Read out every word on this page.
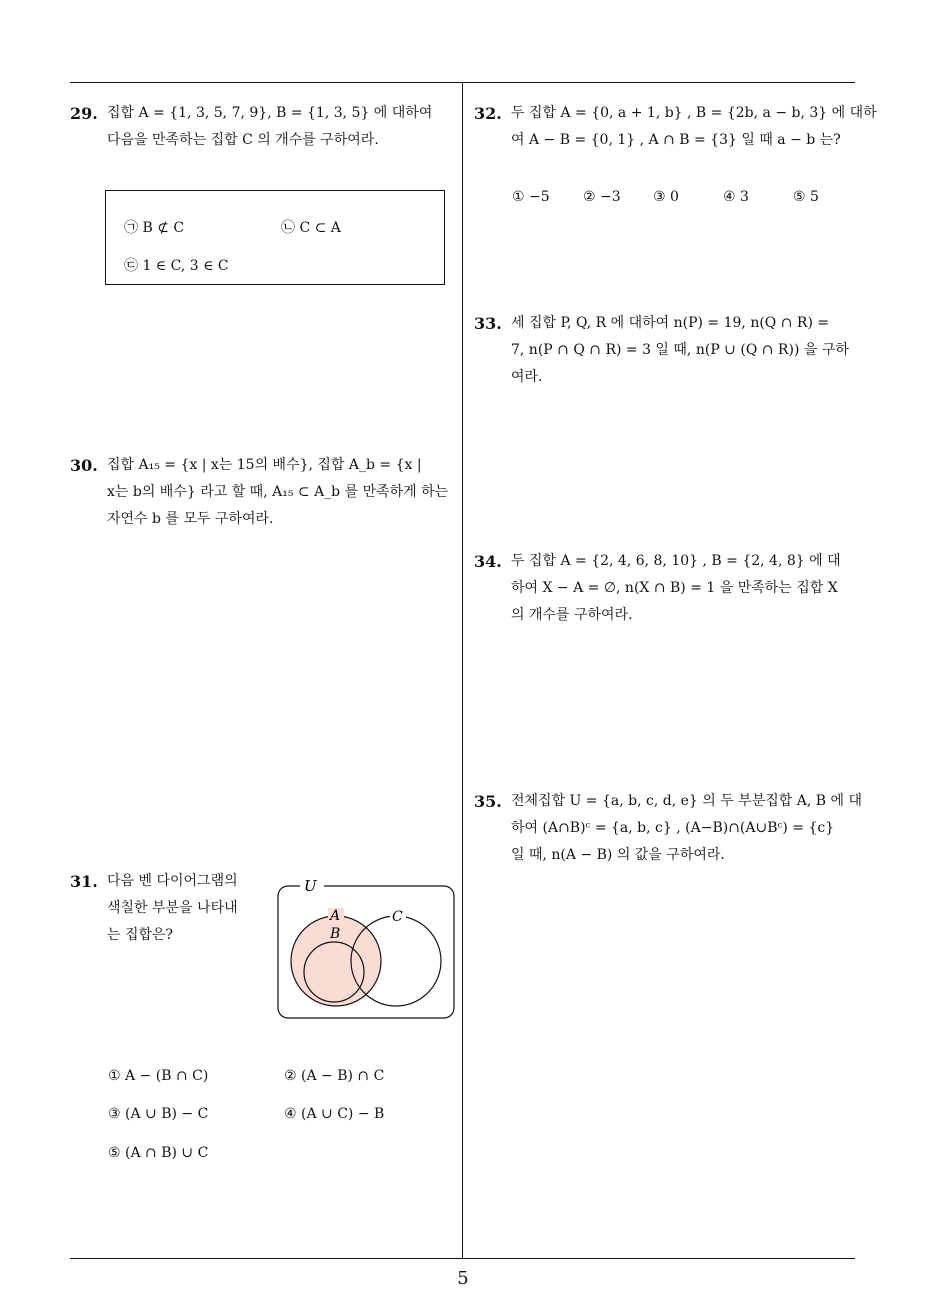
29. 집합 A = {1, 3, 5, 7, 9}, B = {1, 3, 5} 에 대하여
다음을 만족하는 집합 C 의 개수를 구하여라.
㉠ B ⊄ C	㉡ C ⊂ A
㉢ 1 ∈ C, 3 ∈ C
30. 집합 A₁₅ = {x | x는 15의 배수}, 집합 A_b = {x |
x는 b의 배수} 라고 할 때, A₁₅ ⊂ A_b 를 만족하게 하는
자연수 b 를 모두 구하여라.
31. 다음 벤 다이어그램의
색칠한 부분을 나타내
는 집합은?
U
A
B
C
① A − (B ∩ C)	② (A − B) ∩ C
③ (A ∪ B) − C	④ (A ∪ C) − B
⑤ (A ∩ B) ∪ C
32. 두 집합 A = {0, a + 1, b} , B = {2b, a − b, 3} 에 대하
여 A − B = {0, 1} , A ∩ B = {3} 일 때 a − b 는?
① −5 ② −3 ③ 0	④ 3	⑤ 5
33. 세 집합 P, Q, R 에 대하여 n(P) = 19, n(Q ∩ R) =
7, n(P ∩ Q ∩ R) = 3 일 때, n(P ∪ (Q ∩ R)) 을 구하
여라.
34. 두 집합 A = {2, 4, 6, 8, 10} , B = {2, 4, 8} 에 대
하여 X − A = ∅, n(X ∩ B) = 1 을 만족하는 집합 X
의 개수를 구하여라.
35. 전체집합 U = {a, b, c, d, e} 의 두 부분집합 A, B 에 대
하여 (A∩B)ᶜ = {a, b, c} , (A−B)∩(A∪Bᶜ) = {c}
일 때, n(A − B) 의 값을 구하여라.
5
